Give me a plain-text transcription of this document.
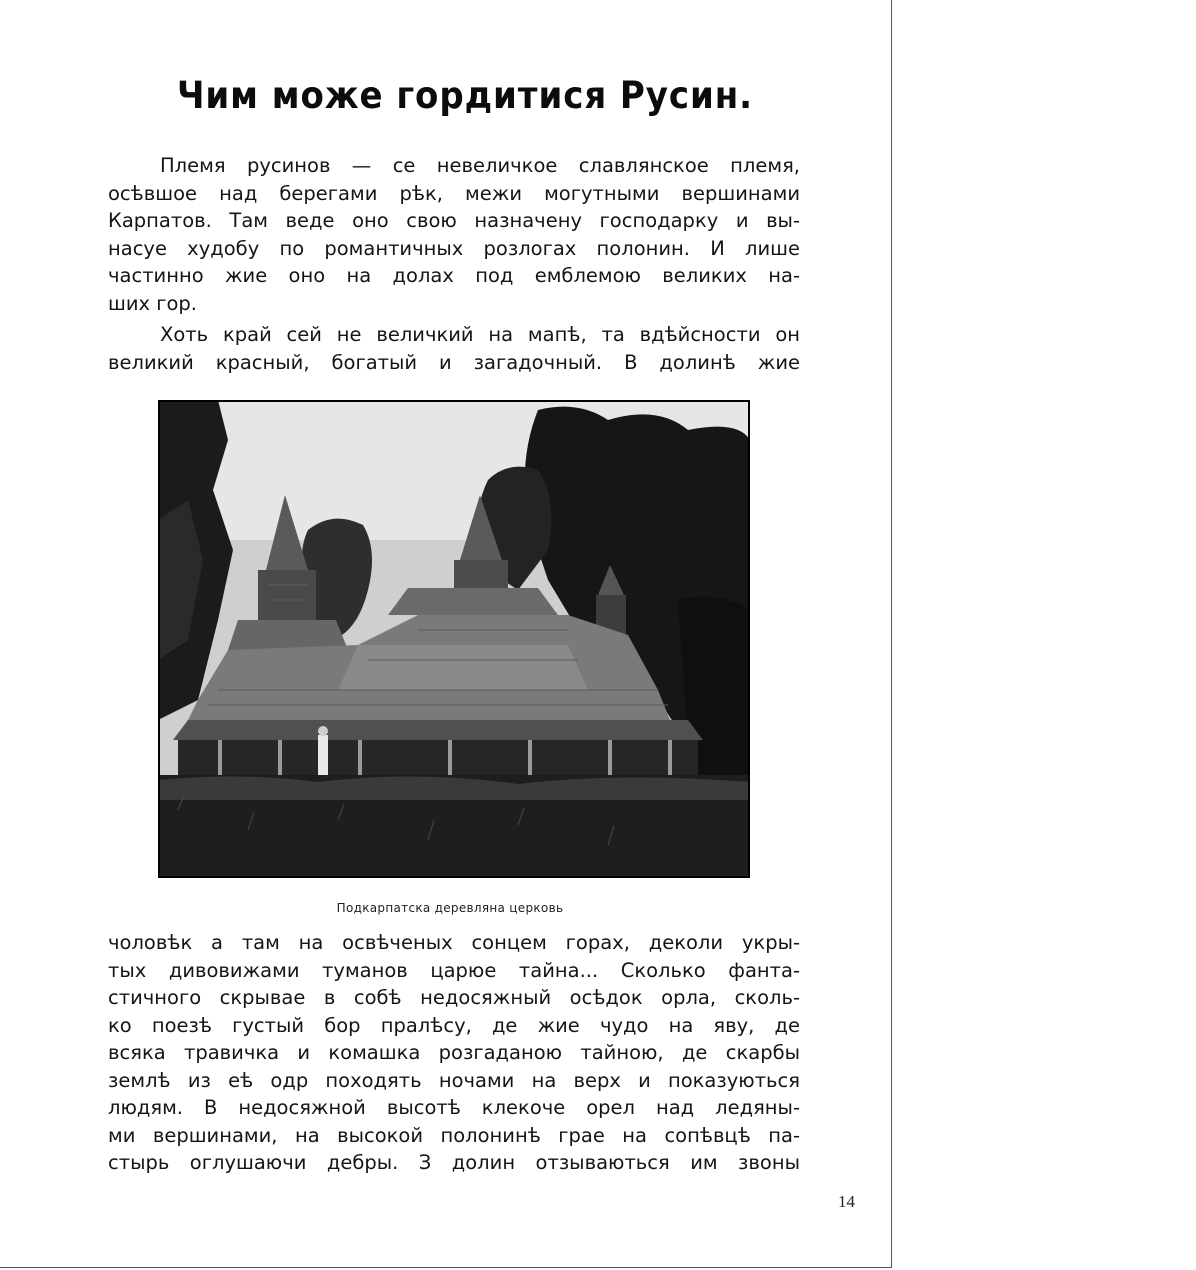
Чим може гордитися Русин.
Племя русинов — се невеличкое славлянское племя,
осѣвшое над берегами рѣк, межи могутными вершинами
Карпатов. Там веде оно свою назначену господарку и вы-
насуе худобу по романтичных розлогах полонин. И лише
частинно жие оно на долах под емблемою великих на-
ших гор.
Хоть край сей не величкий на мапѣ, та вдѣйсности он
великий красный, богатый и загадочный. В долинѣ жие
Подкарпатска деревляна церковь
чоловѣк а там на освѣченых сонцем горах, деколи укры-
тых дивовижами туманов царюе тайна... Сколько фанта-
стичного скрывае в собѣ недосяжный осѣдок орла, сколь-
ко поезѣ густый бор пралѣсу, де жие чудо на яву, де
всяка травичка и комашка розгаданою тайною, де скарбы
землѣ из еѣ одр походять ночами на верх и показуються
людям. В недосяжной высотѣ клекоче орел над ледяны-
ми вершинами, на высокой полонинѣ грае на сопѣвцѣ па-
стырь оглушаючи дебры. З долин отзываються им звоны
14
